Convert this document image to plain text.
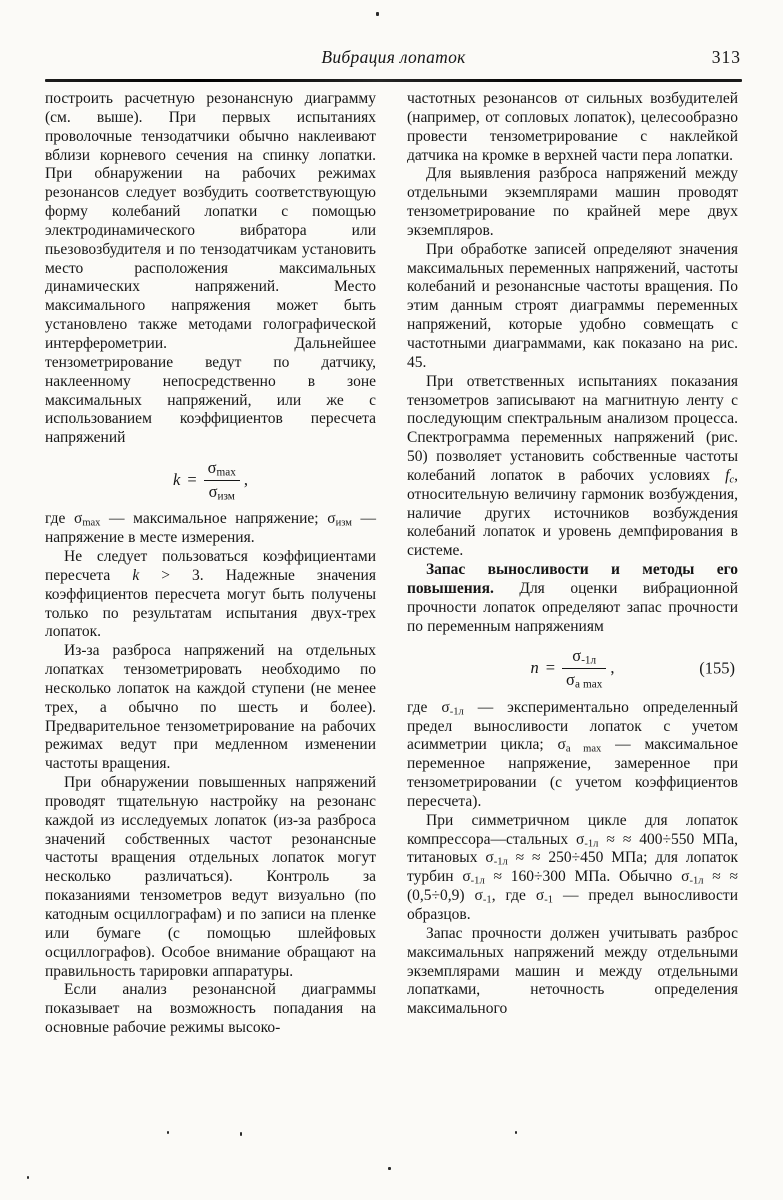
Вибрация лопаток	313

построить расчетную резонансную диаграмму (см. выше). При первых испытаниях проволочные тензодатчики обычно наклеивают вблизи корневого сечения на спинку лопатки. При обнаружении на рабочих режимах резонансов следует возбудить соответствующую форму колебаний лопатки с помощью электродинамического вибратора или пьезовозбудителя и по тензодатчикам установить место расположения максимальных динамических напряжений. Место максимального напряжения может быть установлено также методами голографической интерферометрии. Дальнейшее тензометрирование ведут по датчику, наклеенному непосредственно в зоне максимальных напряжений, или же с использованием коэффициентов пересчета напряжений

$k = \frac{\sigma_{max}}{\sigma_{изм}}$ ,

где $\sigma_{max}$ — максимальное напряжение; $\sigma_{изм}$ — напряжение в месте измерения.

Не следует пользоваться коэффициентами пересчета k > 3. Надежные значения коэффициентов пересчета могут быть получены только по результатам испытания двух-трех лопаток.

Из-за разброса напряжений на отдельных лопатках тензометрировать необходимо по несколько лопаток на каждой ступени (не менее трех, а обычно по шесть и более). Предварительное тензометрирование на рабочих режимах ведут при медленном изменении частоты вращения.

При обнаружении повышенных напряжений проводят тщательную настройку на резонанс каждой из исследуемых лопаток (из-за разброса значений собственных частот резонансные частоты вращения отдельных лопаток могут несколько различаться). Контроль за показаниями тензометров ведут визуально (по катодным осциллографам) и по записи на пленке или бумаге (с помощью шлейфовых осциллографов). Особое внимание обращают на правильность тарировки аппаратуры.

Если анализ резонансной диаграммы показывает на возможность попадания на основные рабочие режимы высоко-

частотных резонансов от сильных возбудителей (например, от сопловых лопаток), целесообразно провести тензометрирование с наклейкой датчика на кромке в верхней части пера лопатки.

Для выявления разброса напряжений между отдельными экземплярами машин проводят тензометрирование по крайней мере двух экземпляров.

При обработке записей определяют значения максимальных переменных напряжений, частоты колебаний и резонансные частоты вращения. По этим данным строят диаграммы переменных напряжений, которые удобно совмещать с частотными диаграммами, как показано на рис. 45.

При ответственных испытаниях показания тензометров записывают на магнитную ленту с последующим спектральным анализом процесса. Спектрограмма переменных напряжений (рис. 50) позволяет установить собственные частоты колебаний лопаток в рабочих условиях $f_c$, относительную величину гармоник возбуждения, наличие других источников возбуждения колебаний лопаток и уровень демпфирования в системе.

Запас выносливости и методы его повышения. Для оценки вибрационной прочности лопаток определяют запас прочности по переменным напряжениям

$n = \frac{\sigma_{-1л}}{\sigma_{a max}}$ ,	(155)

где $\sigma_{-1л}$ — экспериментально определенный предел выносливости лопаток с учетом асимметрии цикла; $\sigma_{a max}$ — максимальное переменное напряжение, замеренное при тензометрировании (с учетом коэффициентов пересчета).

При симметричном цикле для лопаток компрессора—стальных $\sigma_{-1л}$ ≈ ≈ 400÷550 МПа, титановых $\sigma_{-1л}$ ≈ ≈ 250÷450 МПа; для лопаток турбин $\sigma_{-1л} \approx 160\div 300$ МПа. Обычно $\sigma_{-1л}$ ≈ ≈ (0,5÷0,9) $\sigma_{-1}$, где $\sigma_{-1}$ — предел выносливости образцов.

Запас прочности должен учитывать разброс максимальных напряжений между отдельными экземплярами машин и между отдельными лопатками, неточность определения максимального
